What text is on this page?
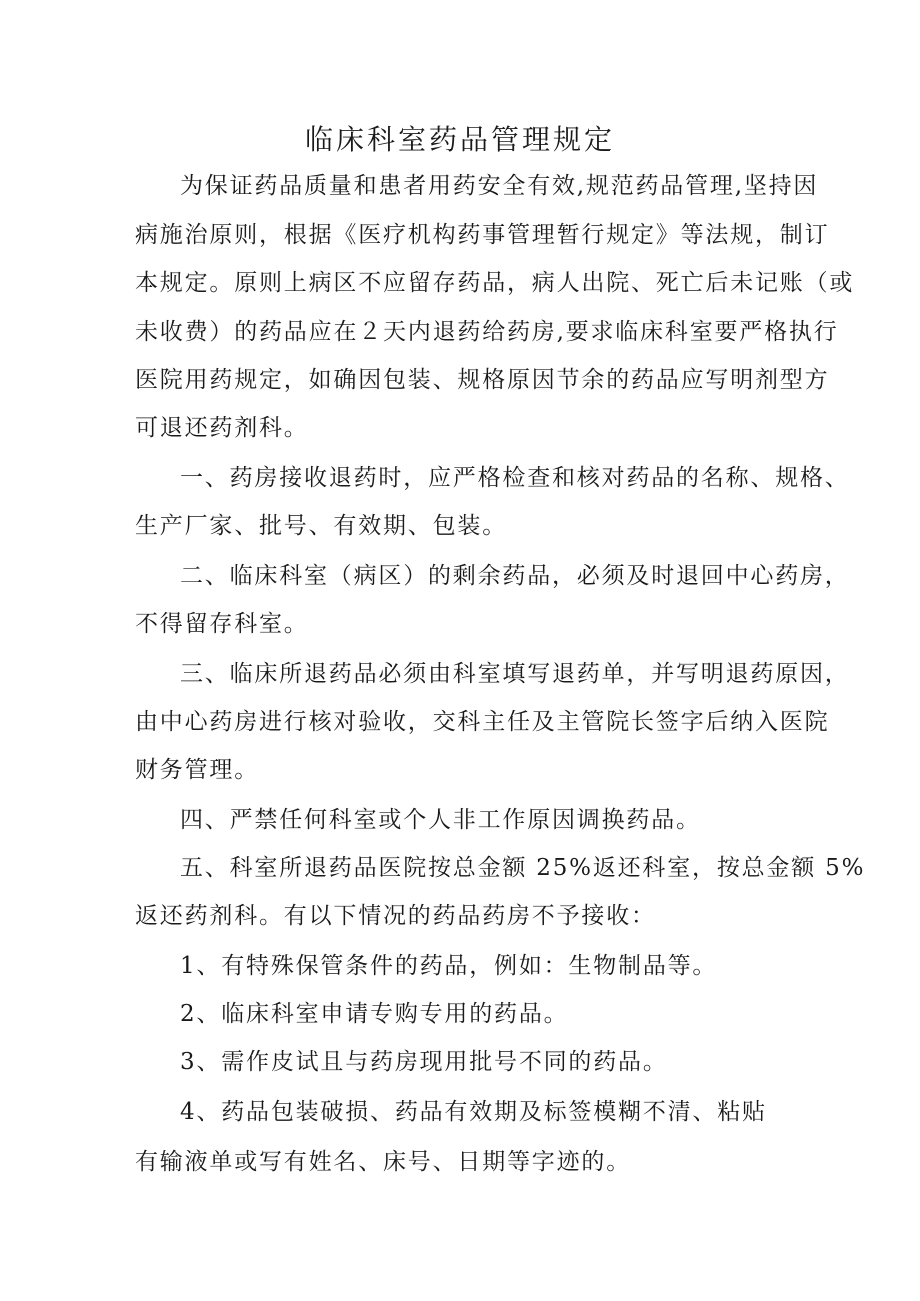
临床科室药品管理规定
为保证药品质量和患者用药安全有效,规范药品管理,坚持因
病施治原则，根据《医疗机构药事管理暂行规定》等法规，制订
本规定。原则上病区不应留存药品，病人出院、死亡后未记账（或
未收费）的药品应在２天内退药给药房,要求临床科室要严格执行
医院用药规定，如确因包装、规格原因节余的药品应写明剂型方
可退还药剂科。
一、药房接收退药时，应严格检查和核对药品的名称、规格、
生产厂家、批号、有效期、包装。
二、临床科室（病区）的剩余药品，必须及时退回中心药房，
不得留存科室。
三、临床所退药品必须由科室填写退药单，并写明退药原因，
由中心药房进行核对验收，交科主任及主管院长签字后纳入医院
财务管理。
四、严禁任何科室或个人非工作原因调换药品。
五、科室所退药品医院按总金额 25%返还科室，按总金额 5%
返还药剂科。有以下情况的药品药房不予接收：
1、有特殊保管条件的药品，例如：生物制品等。
2、临床科室申请专购专用的药品。
3、需作皮试且与药房现用批号不同的药品。
4、药品包装破损、药品有效期及标签模糊不清、粘贴
有输液单或写有姓名、床号、日期等字迹的。
